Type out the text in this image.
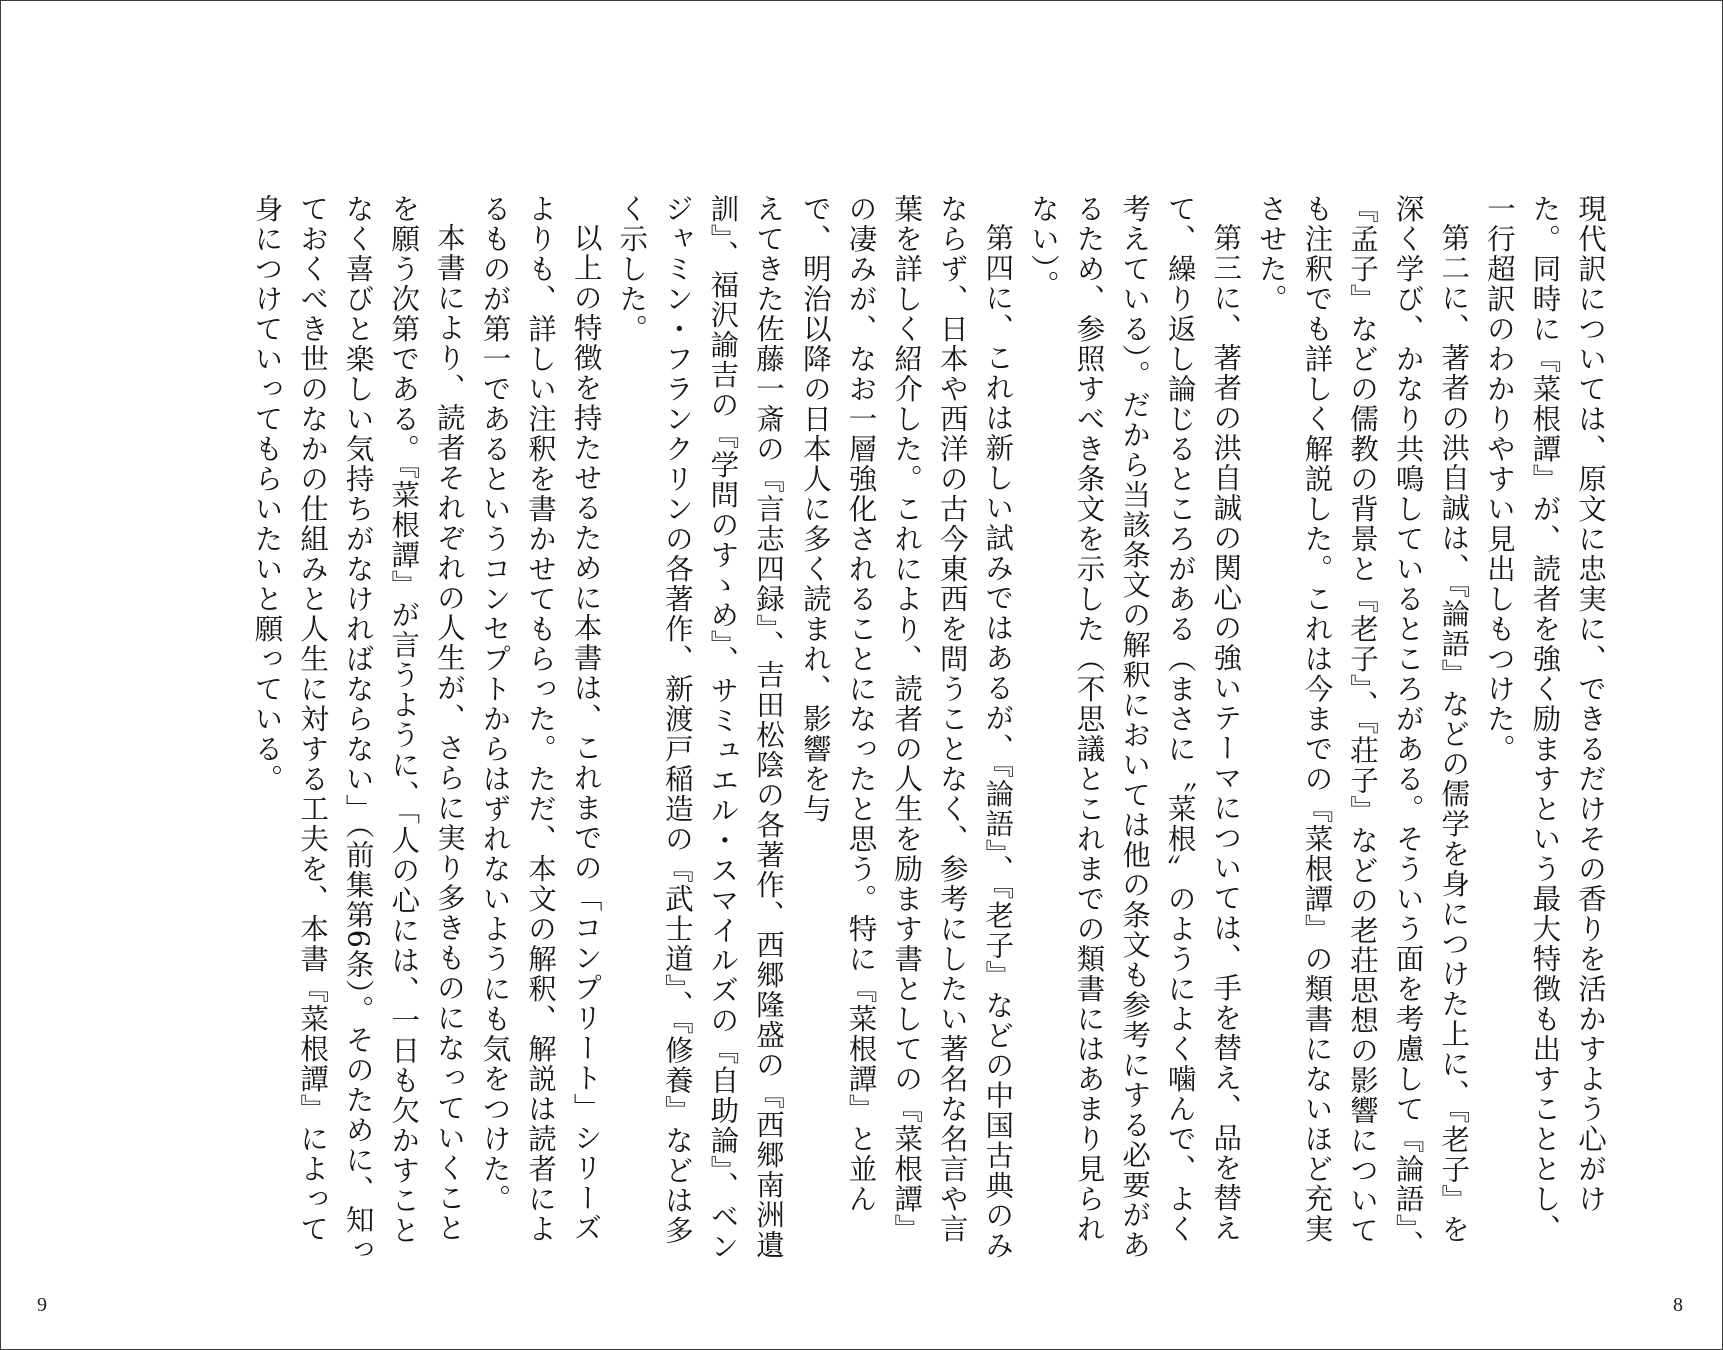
現代訳については、原文に忠実に、できるだけその香りを活かすよう心がけた。同時に『菜根譚』が、読者を強く励ますという最大特徴も出すこととし、一行超訳のわかりやすい見出しもつけた。

第二に、著者の洪自誠は、『論語』などの儒学を身につけた上に、『老子』を深く学び、かなり共鳴しているところがある。そういう面を考慮して『論語』、『孟子』などの儒教の背景と『老子』、『荘子』などの老荘思想の影響についても注釈でも詳しく解説した。これは今までの『菜根譚』の類書にないほど充実させた。

第三に、著者の洪自誠の関心の強いテーマについては、手を替え、品を替えて、繰り返し論じるところがある（まさに〝菜根〟のようによく噛んで、よく考えている）。だから当該条文の解釈においては他の条文も参考にする必要があるため、参照すべき条文を示した（不思議とこれまでの類書にはあまり見られない）。

第四に、これは新しい試みではあるが、『論語』、『老子』などの中国古典のみならず、日本や西洋の古今東西を問うことなく、参考にしたい著名な名言や言葉を詳しく紹介した。これにより、読者の人生を励ます書としての『菜根譚』の凄みが、なお一層強化されることになったと思う。特に『菜根譚』と並んで、明治以降の日本人に多く読まれ、影響を与

えてきた佐藤一斎の『言志四録』、吉田松陰の各著作、西郷隆盛の『西郷南洲遺訓』、福沢諭吉の『学問のすゝめ』、サミュエル・スマイルズの『自助論』、ベンジャミン・フランクリンの各著作、新渡戸稲造の『武士道』、『修養』などは多く示した。

以上の特徴を持たせるために本書は、これまでの「コンプリート」シリーズよりも、詳しい注釈を書かせてもらった。ただ、本文の解釈、解説は読者によるものが第一であるというコンセプトからはずれないようにも気をつけた。

本書により、読者それぞれの人生が、さらに実り多きものになっていくことを願う次第である。『菜根譚』が言うように、「人の心には、一日も欠かすことなく喜びと楽しい気持ちがなければならない」（前集第6条）。そのために、知っておくべき世のなかの仕組みと人生に対する工夫を、本書『菜根譚』によって身につけていってもらいたいと願っている。

9	8
